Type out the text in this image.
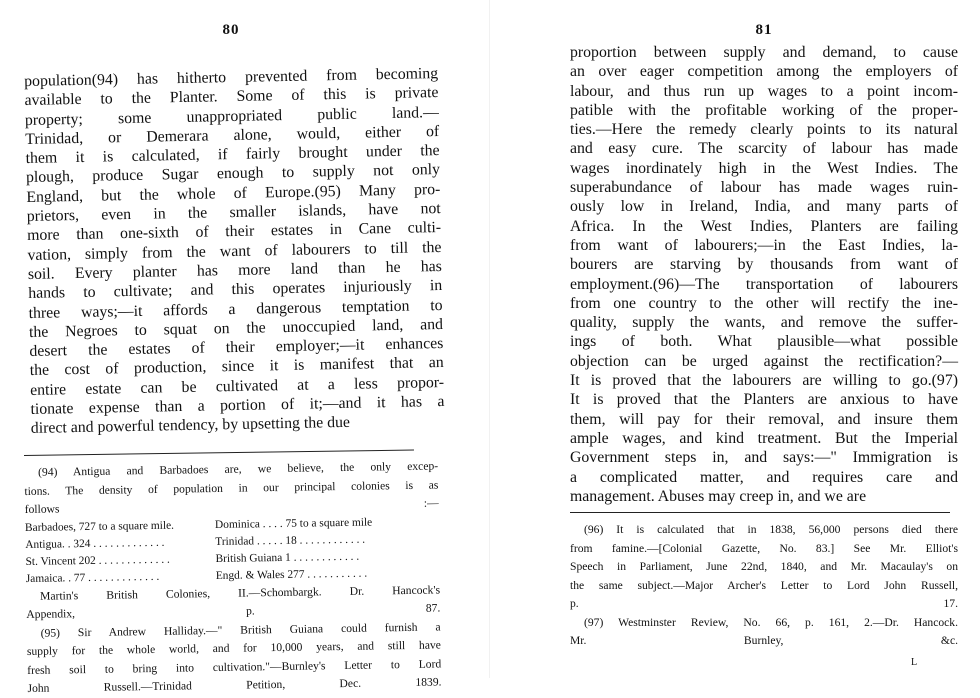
80
population(94) has hitherto prevented from becoming
available to the Planter. Some of this is private
property; some unappropriated public land.—
Trinidad, or Demerara alone, would, either of
them it is calculated, if fairly brought under the
plough, produce Sugar enough to supply not only
England, but the whole of Europe.(95) Many pro-
prietors, even in the smaller islands, have not
more than one-sixth of their estates in Cane culti-
vation, simply from the want of labourers to till the
soil. Every planter has more land than he has
hands to cultivate; and this operates injuriously in
three ways;—it affords a dangerous temptation to
the Negroes to squat on the unoccupied land, and
desert the estates of their employer;—it enhances
the cost of production, since it is manifest that an
entire estate can be cultivated at a less propor-
tionate expense than a portion of it;—and it has a
direct and powerful tendency, by upsetting the due
(94) Antigua and Barbadoes are, we believe, the only excep-
tions. The density of population in our principal colonies is as
follows :—
Barbadoes, 727 to a square mile.	Dominica . . . . 75 to a square mile
Antigua. . 324 . . . . . . . . . . . . .	Trinidad . . . . . 18 . . . . . . . . . . . .
St. Vincent 202 . . . . . . . . . . . . .	British Guiana 1 . . . . . . . . . . . .
Jamaica. . 77 . . . . . . . . . . . . .	Engd. & Wales 277 . . . . . . . . . . .
Martin's British Colonies, II.—Schombargk. Dr. Hancock's
Appendix, p. 87.
(95) Sir Andrew Halliday.—" British Guiana could furnish a
supply for the whole world, and for 10,000 years, and still have
fresh soil to bring into cultivation."—Burnley's Letter to Lord
John Russell.—Trinidad Petition, Dec. 1839.
81
proportion between supply and demand, to cause
an over eager competition among the employers of
labour, and thus run up wages to a point incom-
patible with the profitable working of the proper-
ties.—Here the remedy clearly points to its natural
and easy cure. The scarcity of labour has made
wages inordinately high in the West Indies. The
superabundance of labour has made wages ruin-
ously low in Ireland, India, and many parts of
Africa. In the West Indies, Planters are failing
from want of labourers;—in the East Indies, la-
bourers are starving by thousands from want of
employment.(96)—The transportation of labourers
from one country to the other will rectify the ine-
quality, supply the wants, and remove the suffer-
ings of both. What plausible—what possible
objection can be urged against the rectification?—
It is proved that the labourers are willing to go.(97)
It is proved that the Planters are anxious to have
them, will pay for their removal, and insure them
ample wages, and kind treatment. But the Imperial
Government steps in, and says:—" Immigration is
a complicated matter, and requires care and
management. Abuses may creep in, and we are
(96) It is calculated that in 1838, 56,000 persons died there
from famine.—[Colonial Gazette, No. 83.] See Mr. Elliot's
Speech in Parliament, June 22nd, 1840, and Mr. Macaulay's on
the same subject.—Major Archer's Letter to Lord John Russell,
p. 17.
(97) Westminster Review, No. 66, p. 161, 2.—Dr. Hancock.
Mr. Burnley, &c.
L
